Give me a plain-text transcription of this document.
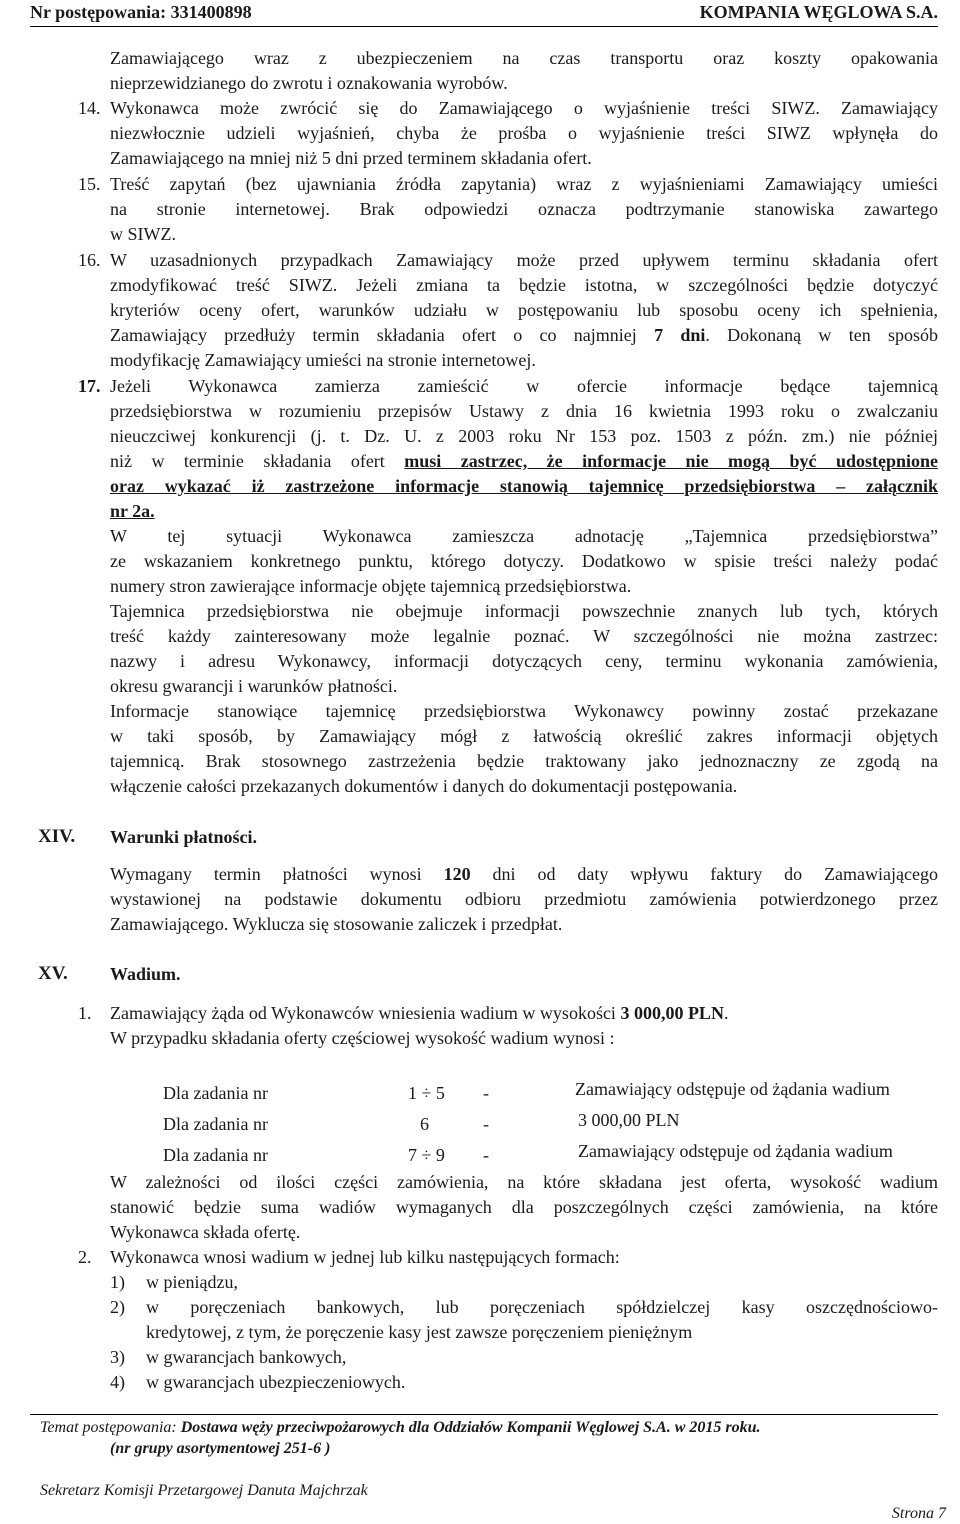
Nr postępowania: 331400898	KOMPANIA WĘGLOWA S.A.
Zamawiającego wraz z ubezpieczeniem na czas transportu oraz koszty opakowania
nieprzewidzianego do zwrotu i oznakowania wyrobów.
14. Wykonawca może zwrócić się do Zamawiającego o wyjaśnienie treści SIWZ. Zamawiający
niezwłocznie udzieli wyjaśnień, chyba że prośba o wyjaśnienie treści SIWZ wpłynęła do
Zamawiającego na mniej niż 5 dni przed terminem składania ofert.
15. Treść zapytań (bez ujawniania źródła zapytania) wraz z wyjaśnieniami Zamawiający umieści
na stronie internetowej. Brak odpowiedzi oznacza podtrzymanie stanowiska zawartego
w SIWZ.
16. W uzasadnionych przypadkach Zamawiający może przed upływem terminu składania ofert
zmodyfikować treść SIWZ. Jeżeli zmiana ta będzie istotna, w szczególności będzie dotyczyć
kryteriów oceny ofert, warunków udziału w postępowaniu lub sposobu oceny ich spełnienia,
Zamawiający przedłuży termin składania ofert o co najmniej 7 dni. Dokonaną w ten sposób
modyfikację Zamawiający umieści na stronie internetowej.
17. Jeżeli Wykonawca zamierza zamieścić w ofercie informacje będące tajemnicą
przedsiębiorstwa w rozumieniu przepisów Ustawy z dnia 16 kwietnia 1993 roku o zwalczaniu
nieuczciwej konkurencji (j. t. Dz. U. z 2003 roku Nr 153 poz. 1503 z późn. zm.) nie później
niż w terminie składania ofert musi zastrzec, że informacje nie mogą być udostępnione
oraz wykazać iż zastrzeżone informacje stanowią tajemnicę przedsiębiorstwa – załącznik
nr 2a.
W tej sytuacji Wykonawca zamieszcza adnotację „Tajemnica przedsiębiorstwa”
ze wskazaniem konkretnego punktu, którego dotyczy. Dodatkowo w spisie treści należy podać
numery stron zawierające informacje objęte tajemnicą przedsiębiorstwa.
Tajemnica przedsiębiorstwa nie obejmuje informacji powszechnie znanych lub tych, których
treść każdy zainteresowany może legalnie poznać. W szczególności nie można zastrzec:
nazwy i adresu Wykonawcy, informacji dotyczących ceny, terminu wykonania zamówienia,
okresu gwarancji i warunków płatności.
Informacje stanowiące tajemnicę przedsiębiorstwa Wykonawcy powinny zostać przekazane
w taki sposób, by Zamawiający mógł z łatwością określić zakres informacji objętych
tajemnicą. Brak stosownego zastrzeżenia będzie traktowany jako jednoznaczny ze zgodą na
włączenie całości przekazanych dokumentów i danych do dokumentacji postępowania.
XIV. Warunki płatności.
Wymagany termin płatności wynosi 120 dni od daty wpływu faktury do Zamawiającego
wystawionej na podstawie dokumentu odbioru przedmiotu zamówienia potwierdzonego przez
Zamawiającego. Wyklucza się stosowanie zaliczek i przedpłat.
XV. Wadium.
1. Zamawiający żąda od Wykonawców wniesienia wadium w wysokości 3 000,00 PLN.
W przypadku składania oferty częściowej wysokość wadium wynosi :
Dla zadania nr	1 ÷ 5 -	Zamawiający odstępuje od żądania wadium
Dla zadania nr	6	-	3 000,00 PLN
Dla zadania nr	7 ÷ 9 -	Zamawiający odstępuje od żądania wadium
W zależności od ilości części zamówienia, na które składana jest oferta, wysokość wadium
stanowić będzie suma wadiów wymaganych dla poszczególnych części zamówienia, na które
Wykonawca składa ofertę.
2. Wykonawca wnosi wadium w jednej lub kilku następujących formach:
1) w pieniądzu,
2) w poręczeniach bankowych, lub poręczeniach spółdzielczej kasy oszczędnościowo-
kredytowej, z tym, że poręczenie kasy jest zawsze poręczeniem pieniężnym
3) w gwarancjach bankowych,
4) w gwarancjach ubezpieczeniowych.
Temat postępowania: Dostawa węży przeciwpożarowych dla Oddziałów Kompanii Węglowej S.A. w 2015 roku.
(nr grupy asortymentowej 251-6 )
Sekretarz Komisji Przetargowej Danuta Majchrzak
Strona 7
